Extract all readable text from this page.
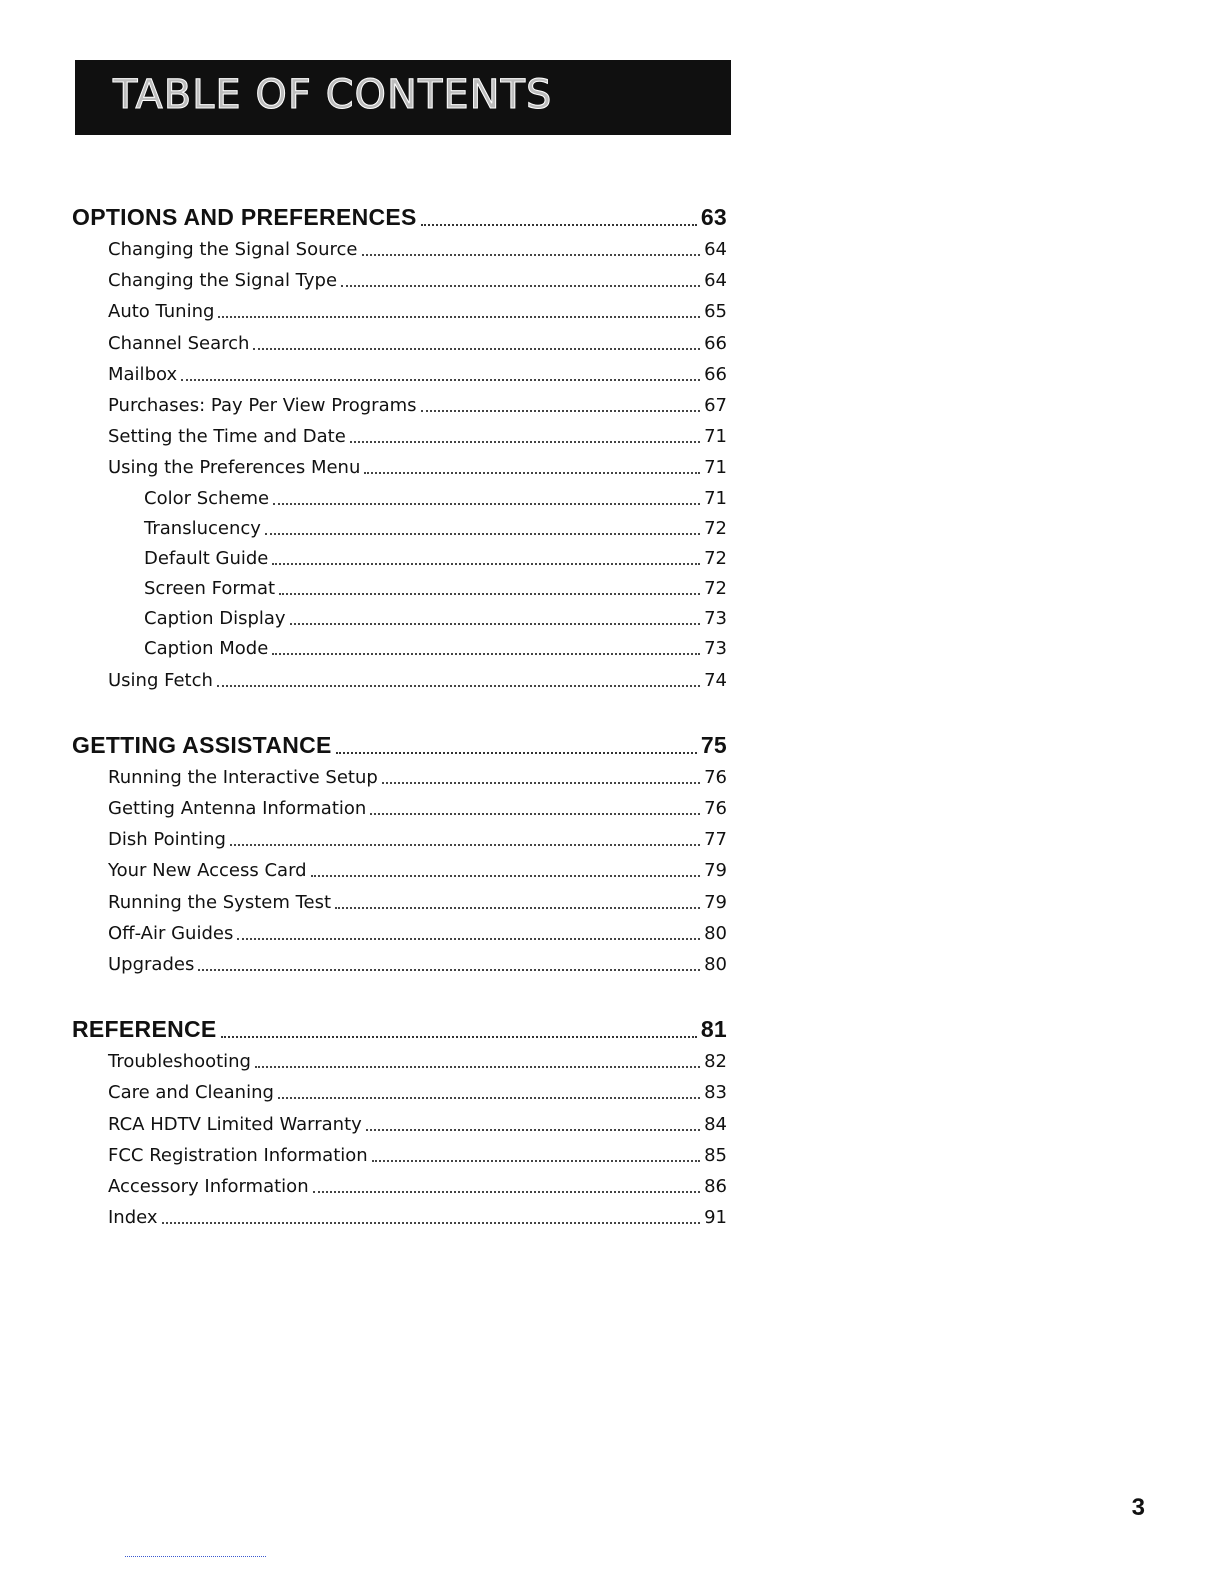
TABLE OF CONTENTS
OPTIONS AND PREFERENCES	63
Changing the Signal Source	64
Changing the Signal Type	64
Auto Tuning	65
Channel Search	66
Mailbox	66
Purchases: Pay Per View Programs	67
Setting the Time and Date	71
Using the Preferences Menu	71
Color Scheme	71
Translucency	72
Default Guide	72
Screen Format	72
Caption Display	73
Caption Mode	73
Using Fetch	74
GETTING ASSISTANCE	75
Running the Interactive Setup	76
Getting Antenna Information	76
Dish Pointing	77
Your New Access Card	79
Running the System Test	79
Off-Air Guides	80
Upgrades	80
REFERENCE	81
Troubleshooting	82
Care and Cleaning	83
RCA HDTV Limited Warranty	84
FCC Registration Information	85
Accessory Information	86
Index	91
3
